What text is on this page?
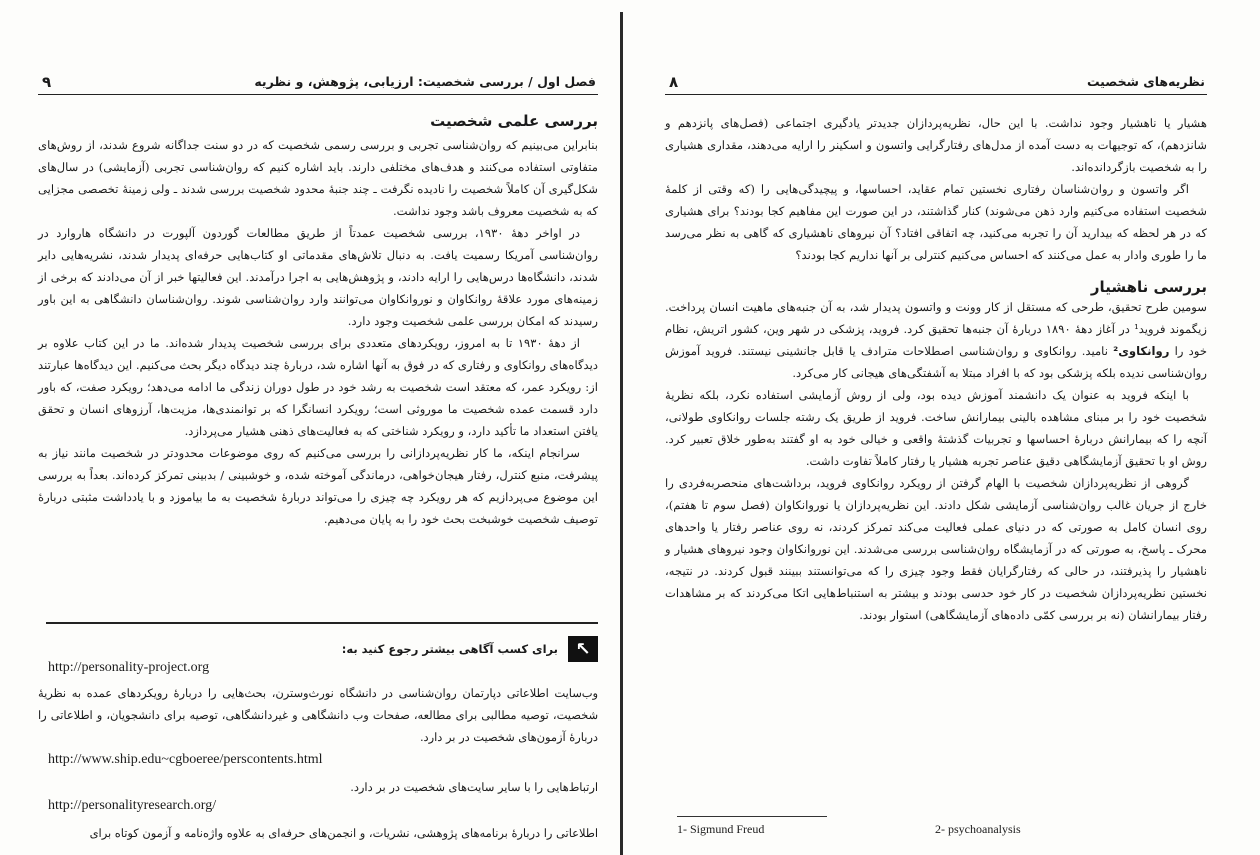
۹	فصل اول / بررسی شخصیت: ارزیابی، پژوهش، و نظریه
بررسی علمی شخصیت

بنابراین می‌بینیم که روان‌شناسی تجربی و بررسی رسمی شخصیت که در دو سنت جداگانه شروع شدند، از روش‌های متفاوتی استفاده می‌کنند و هدف‌های مختلفی دارند. باید اشاره کنیم که روان‌شناسی تجربی (آزمایشی) در سال‌های شکل‌گیری آن کاملاً شخصیت را نادیده نگرفت ـ چند جنبهٔ محدود شخصیت بررسی شدند ـ ولی زمینهٔ تخصصی مجزایی که به شخصیت معروف باشد وجود نداشت.

در اواخر دههٔ ۱۹۳۰، بررسی شخصیت عمدتاً از طریق مطالعات گوردون آلپورت در دانشگاه هاروارد در روان‌شناسی آمریکا رسمیت یافت. به دنبال تلاش‌های مقدماتی او کتاب‌هایی حرفه‌ای پدیدار شدند، نشریه‌هایی دایر شدند، دانشگاه‌ها درس‌هایی را ارایه دادند، و پژوهش‌هایی به اجرا درآمدند. این فعالیتها خبر از آن می‌دادند که برخی از زمینه‌های مورد علاقهٔ روانکاوان و نوروانکاوان می‌توانند وارد روان‌شناسی شوند. روان‌شناسان دانشگاهی به این باور رسیدند که امکان بررسی علمی شخصیت وجود دارد.

از دههٔ ۱۹۳۰ تا به امروز، رویکردهای متعددی برای بررسی شخصیت پدیدار شده‌اند. ما در این کتاب علاوه بر دیدگاه‌های روانکاوی و رفتاری که در فوق به آنها اشاره شد، دربارهٔ چند دیدگاه دیگر بحث می‌کنیم. این دیدگاه‌ها عبارتند از: رویکرد عمر، که معتقد است شخصیت به رشد خود در طول دوران زندگی ما ادامه می‌دهد؛ رویکرد صفت، که باور دارد قسمت عمده شخصیت ما موروثی است؛ رویکرد انسانگرا که بر توانمندی‌ها، مزیت‌ها، آرزوهای انسان و تحقق یافتن استعداد ما تأکید دارد، و رویکرد شناختی که به فعالیت‌های ذهنی هشیار می‌پردازد.

سرانجام اینکه، ما کار نظریه‌پردازانی را بررسی می‌کنیم که روی موضوعات محدودتر در شخصیت مانند نیاز به پیشرفت، منبع کنترل، رفتار هیجان‌خواهی، درماندگی آموخته شده، و خوشبینی / بدبینی تمرکز کرده‌اند. بعداً به بررسی این موضوع می‌پردازیم که هر رویکرد چه چیزی را می‌تواند دربارهٔ شخصیت به ما بیاموزد و با یادداشت مثبتی دربارهٔ توصیف شخصیت خوشبخت بحث خود را به پایان می‌دهیم.

↖
برای کسب آگاهی بیشتر رجوع کنید به:
http://personality-project.org
وب‌سایت اطلاعاتی دپارتمان روان‌شناسی در دانشگاه نورث‌وسترن، بحث‌هایی را دربارهٔ رویکردهای عمده به نظریهٔ شخصیت، توصیه مطالبی برای مطالعه، صفحات وب دانشگاهی و غیردانشگاهی، توصیه برای دانشجویان، و اطلاعاتی را دربارهٔ آزمون‌های شخصیت در بر دارد.
http://www.ship.edu~cgboeree/perscontents.html
ارتباط‌هایی را با سایر سایت‌های شخصیت در بر دارد.
http://personalityresearch.org/
اطلاعاتی را دربارهٔ برنامه‌های پژوهشی، نشریات، و انجمن‌های حرفه‌ای به علاوه واژه‌نامه و آزمون کوتاه برای
۸	نظریه‌های شخصیت

هشیار یا ناهشیار وجود نداشت. با این حال، نظریه‌پردازان جدیدتر یادگیری اجتماعی (فصل‌های پانزدهم و شانزدهم)، که توجیهات به دست آمده از مدل‌های رفتارگرایی واتسون و اسکینر را ارایه می‌دهند، مقداری هشیاری را به شخصیت بازگردانده‌اند.

اگر واتسون و روان‌شناسان رفتاری نخستین تمام عقاید، احساسها، و پیچیدگی‌هایی را (که وقتی از کلمهٔ شخصیت استفاده می‌کنیم وارد ذهن می‌شوند) کنار گذاشتند، در این صورت این مفاهیم کجا بودند؟ برای هشیاری که در هر لحظه که بیدارید آن را تجربه می‌کنید، چه اتفاقی افتاد؟ آن نیروهای ناهشیاری که گاهی به نظر می‌رسد ما را طوری وادار به عمل می‌کنند که احساس می‌کنیم کنترلی بر آنها نداریم کجا بودند؟

بررسی ناهشیار

سومین طرح تحقیق، طرحی که مستقل از کار وونت و واتسون پدیدار شد، به آن جنبه‌های ماهیت انسان پرداخت. زیگموند فروید¹ در آغاز دههٔ ۱۸۹۰ دربارهٔ آن جنبه‌ها تحقیق کرد. فروید، پزشکی در شهر وین، کشور اتریش، نظام خود را روانکاوی² نامید. روانکاوی و روان‌شناسی اصطلاحات مترادف یا قابل جانشینی نیستند. فروید آموزش روان‌شناسی ندیده بلکه پزشکی بود که با افراد مبتلا به آشفتگی‌های هیجانی کار می‌کرد.

با اینکه فروید به عنوان یک دانشمند آموزش دیده بود، ولی از روش آزمایشی استفاده نکرد، بلکه نظریهٔ شخصیت خود را بر مبنای مشاهده بالینی بیمارانش ساخت. فروید از طریق یک رشته جلسات روانکاوی طولانی، آنچه را که بیمارانش دربارهٔ احساسها و تجربیات گذشتهٔ واقعی و خیالی خود به او گفتند به‌طور خلاق تعبیر کرد. روش او با تحقیق آزمایشگاهی دقیق عناصر تجربه هشیار یا رفتار کاملاً تفاوت داشت.

گروهی از نظریه‌پردازان شخصیت با الهام گرفتن از رویکرد روانکاوی فروید، برداشت‌های منحصربه‌فردی را خارج از جریان غالب روان‌شناسی آزمایشی شکل دادند. این نظریه‌پردازان یا نوروانکاوان (فصل سوم تا هفتم)، روی انسان کامل به صورتی که در دنیای عملی فعالیت می‌کند تمرکز کردند، نه روی عناصر رفتار یا واحدهای محرک ـ پاسخ، به صورتی که در آزمایشگاه روان‌شناسی بررسی می‌شدند. این نوروانکاوان وجود نیروهای هشیار و ناهشیار را پذیرفتند، در حالی که رفتارگرایان فقط وجود چیزی را که می‌توانستند ببینند قبول کردند. در نتیجه، نخستین نظریه‌پردازان شخصیت در کار خود حدسی بودند و بیشتر به استنباط‌هایی اتکا می‌کردند که بر مشاهدات رفتار بیمارانشان (نه بر بررسی کمّی داده‌های آزمایشگاهی) استوار بودند.

1- Sigmund Freud	2- psychoanalysis
